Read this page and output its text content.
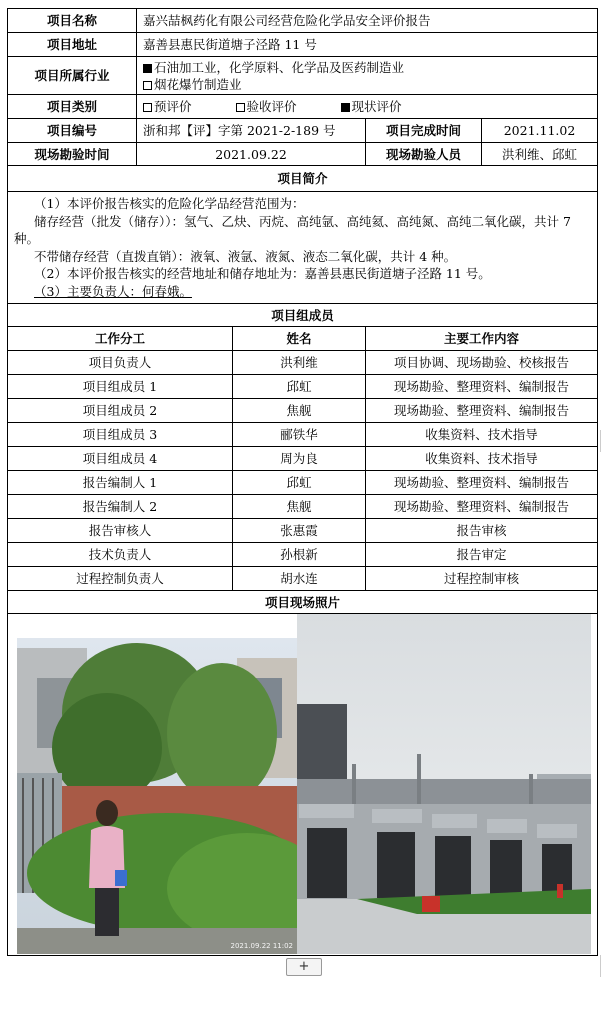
项目名称	嘉兴喆枫药化有限公司经营危险化学品安全评价报告			
项目地址	嘉善县惠民街道塘子泾路 11 号			
项目所属行业	石油加工业，化学原料、化学品及医药制造业
烟花爆竹制造业			

项目类别	预评价 验收评价 现状评价			
项目编号	浙和邦【评】字第 2021-2-189 号		项目完成时间	2021.11.02
现场勘验时间	2021.09.22		现场勘验人员	洪利维、邱虹
项目简介				

（1）本评价报告核实的危险化学品经营范围为：

储存经营（批发（储存））：氢气、乙炔、丙烷、高纯氩、高纯氦、高纯氮、高纯二氧化碳，共计 7 种。

不带储存经营（直拨直销）：液氧、液氩、液氮、液态二氧化碳，共计 4 种。

（2）本评价报告核实的经营地址和储存地址为：嘉善县惠民街道塘子泾路 11 号。

（3）主要负责人：何春娥。				

项目组成员				
工作分工		姓名	主要工作内容	
项目负责人		洪利维	项目协调、现场勘验、校核报告	
项目组成员 1		邱虹	现场勘验、整理资料、编制报告	
项目组成员 2		焦舰	现场勘验、整理资料、编制报告	
项目组成员 3		郦铁华	收集资料、技术指导	
项目组成员 4		周为良	收集资料、技术指导	
报告编制人 1		邱虹	现场勘验、整理资料、编制报告	
报告编制人 2		焦舰	现场勘验、整理资料、编制报告	
报告审核人		张惠霞	报告审核	
技术负责人		孙根新	报告审定	
过程控制负责人		胡水连	过程控制审核	
项目现场照片				

2021.09.22 11:02				
+
